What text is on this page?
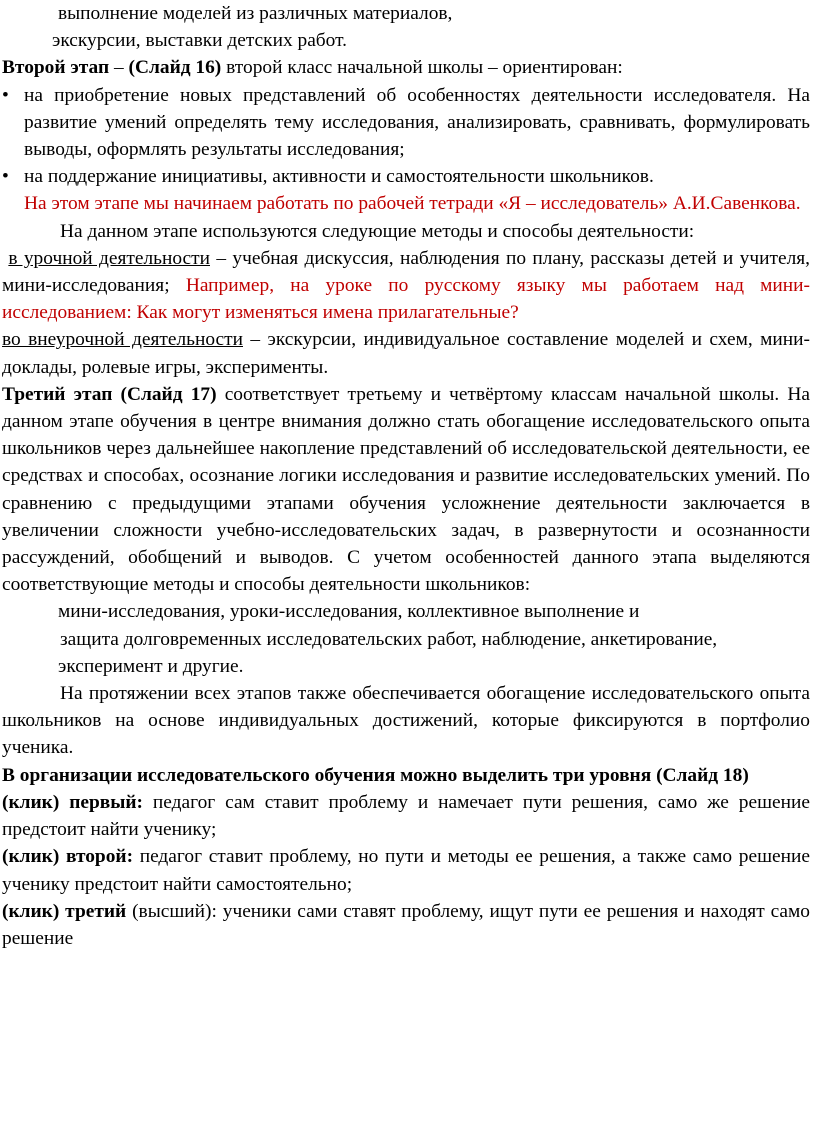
выполнение моделей из различных материалов,

экскурсии, выставки детских работ.

Второй этап – (Слайд 16) второй класс начальной школы – ориентирован:

• на приобретение новых представлений об особенностях деятельности исследователя. На развитие умений определять тему исследования, анализировать, сравнивать, формулировать выводы, оформлять результаты исследования;
• на поддержание инициативы, активности и самостоятельности школьников.

На этом этапе мы начинаем работать по рабочей тетради «Я – исследователь» А.И.Савенкова.

На данном этапе используются следующие методы и способы деятельности:

в урочной деятельности – учебная дискуссия, наблюдения по плану, рассказы детей и учителя, мини-исследования; Например, на уроке по русскому языку мы работаем над мини-исследованием: Как могут изменяться имена прилагательные?

во внеурочной деятельности – экскурсии, индивидуальное составление моделей и схем, мини-доклады, ролевые игры, эксперименты.

Третий этап (Слайд 17) соответствует третьему и четвёртому классам начальной школы. На данном этапе обучения в центре внимания должно стать обогащение исследовательского опыта школьников через дальнейшее накопление представлений об исследовательской деятельности, ее средствах и способах, осознание логики исследования и развитие исследовательских умений. По сравнению с предыдущими этапами обучения усложнение деятельности заключается в увеличении сложности учебно-исследовательских задач, в развернутости и осознанности рассуждений, обобщений и выводов. С учетом особенностей данного этапа выделяются соответствующие методы и способы деятельности школьников:

мини-исследования, уроки-исследования, коллективное выполнение и

защита долговременных исследовательских работ, наблюдение, анкетирование,

эксперимент и другие.

На протяжении всех этапов также обеспечивается обогащение исследовательского опыта школьников на основе индивидуальных достижений, которые фиксируются в портфолио ученика.

В организации исследовательского обучения можно выделить три уровня (Слайд 18)

(клик) первый: педагог сам ставит проблему и намечает пути решения, само же решение предстоит найти ученику;

(клик) второй: педагог ставит проблему, но пути и методы ее решения, а также само решение ученику предстоит найти самостоятельно;

(клик) третий (высший): ученики сами ставят проблему, ищут пути ее решения и находят само решение
